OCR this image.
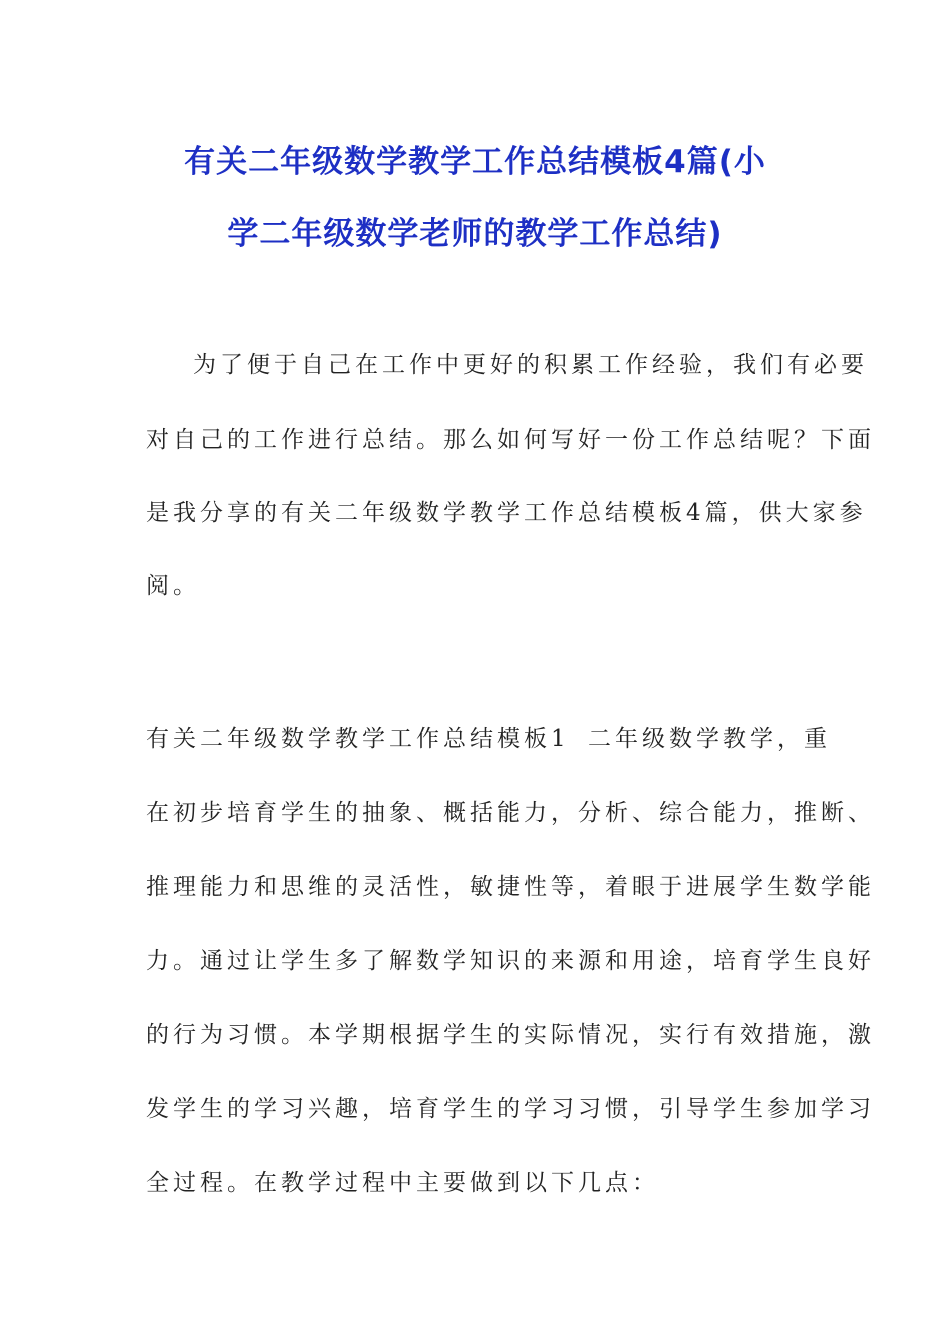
有关二年级数学教学工作总结模板4篇(小
学二年级数学老师的教学工作总结)
为了便于自己在工作中更好的积累工作经验，我们有必要
对自己的工作进行总结。那么如何写好一份工作总结呢？下面
是我分享的有关二年级数学教学工作总结模板4篇，供大家参
阅。
有关二年级数学教学工作总结模板1 二年级数学教学，重
在初步培育学生的抽象、概括能力，分析、综合能力，推断、
推理能力和思维的灵活性，敏捷性等，着眼于进展学生数学能
力。通过让学生多了解数学知识的来源和用途，培育学生良好
的行为习惯。本学期根据学生的实际情况，实行有效措施，激
发学生的学习兴趣，培育学生的学习习惯，引导学生参加学习
全过程。在教学过程中主要做到以下几点：
